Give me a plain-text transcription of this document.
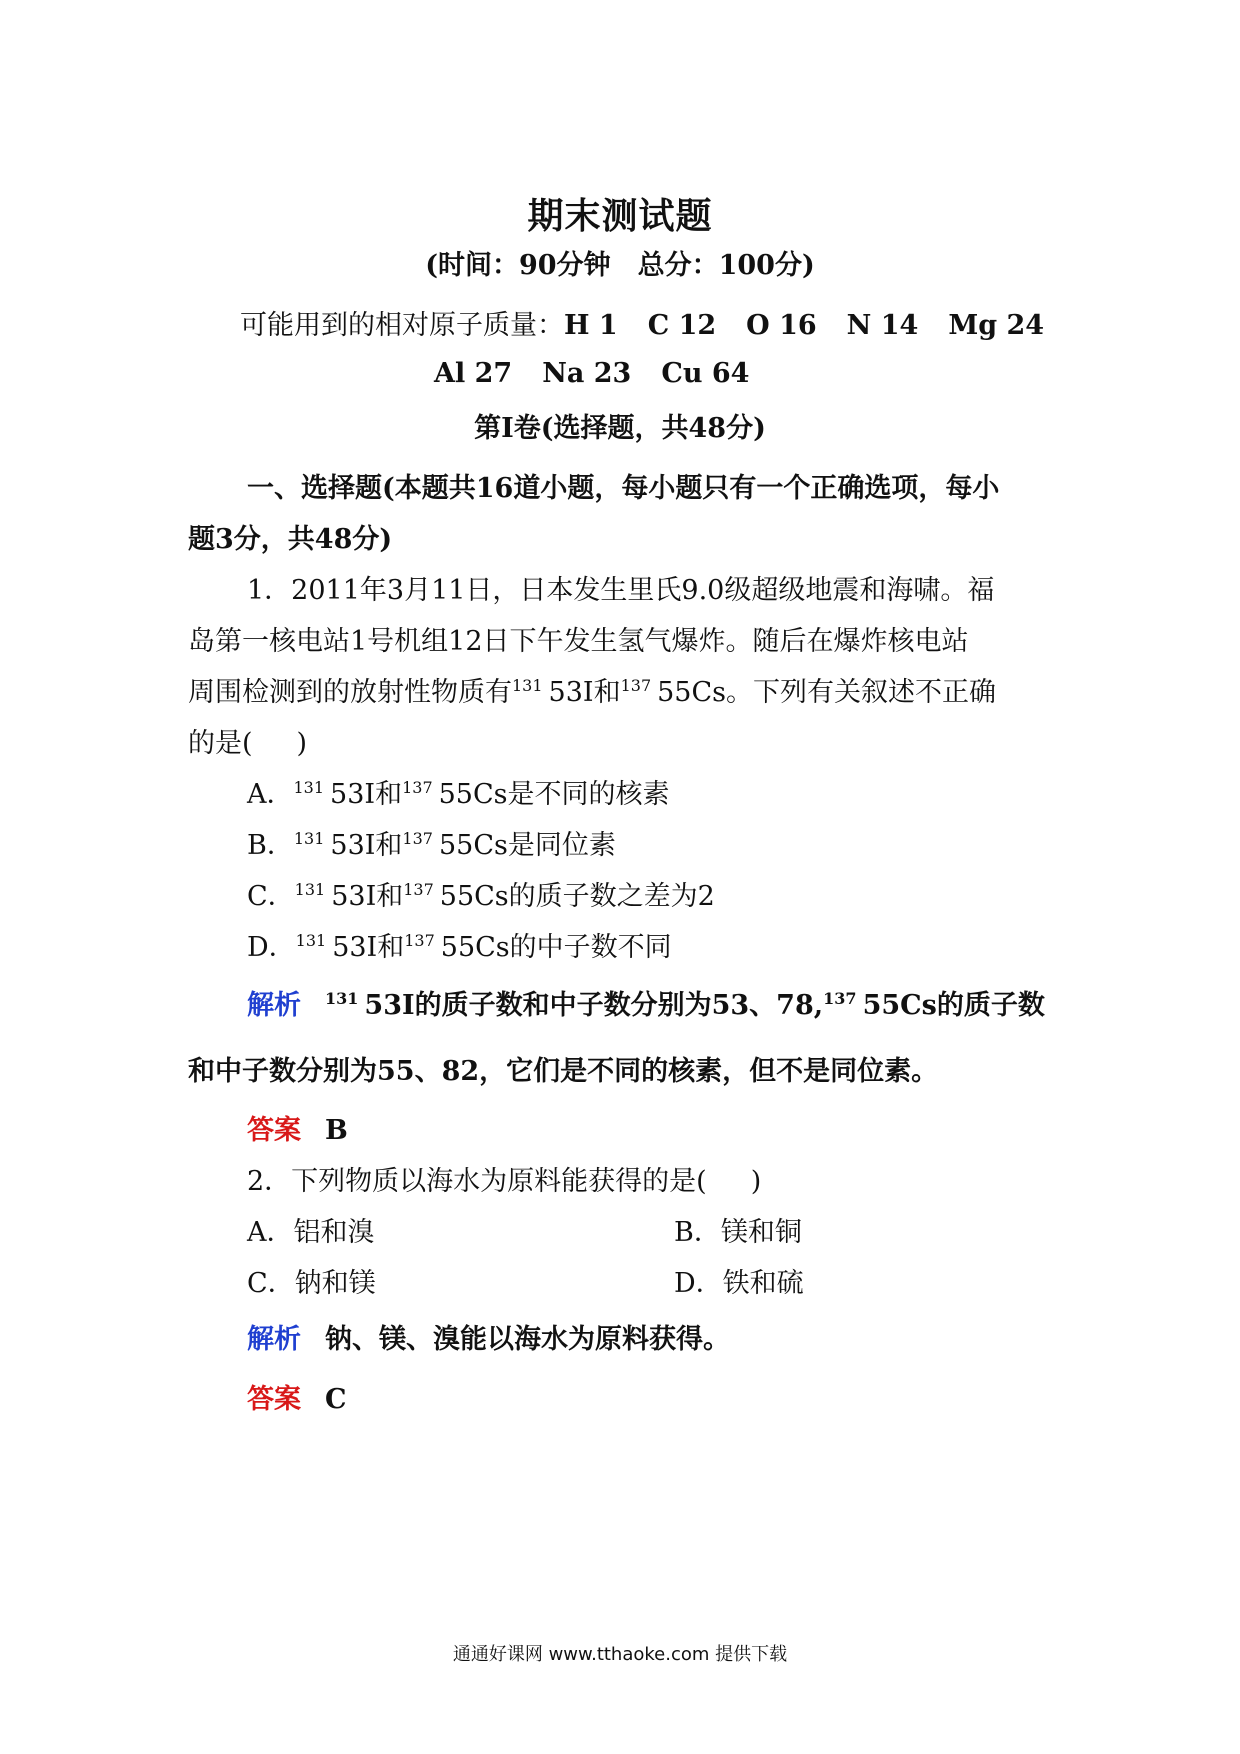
期末测试题
(时间：90分钟　总分：100分)
可能用到的相对原子质量：H 1 C 12 O 16 N 14 Mg 24
Al 27 Na 23 Cu 64
第Ⅰ卷(选择题，共48分)
一、选择题(本题共16道小题，每小题只有一个正确选项，每小
题3分，共48分)
1．2011年3月11日，日本发生里氏9.0级超级地震和海啸。福
岛第一核电站1号机组12日下午发生氢气爆炸。随后在爆炸核电站
周围检测到的放射性物质有$^{131}$ 53I和$^{137}$ 55Cs。下列有关叙述不正确
的是( )
A．$^{131}$ 53I和$^{137}$ 55Cs是不同的核素
B．$^{131}$ 53I和$^{137}$ 55Cs是同位素
C．$^{131}$ 53I和$^{137}$ 55Cs的质子数之差为2
D．$^{131}$ 53I和$^{137}$ 55Cs的中子数不同
解析 $^{131}$ 53I的质子数和中子数分别为53、78,$^{137}$ 55Cs的质子数
和中子数分别为55、82，它们是不同的核素，但不是同位素。
答案 B
2．下列物质以海水为原料能获得的是( )
A．铝和溴	B．镁和铜
C．钠和镁	D．铁和硫
解析 钠、镁、溴能以海水为原料获得。
答案 C
通通好课网 www.tthaoke.com 提供下载
